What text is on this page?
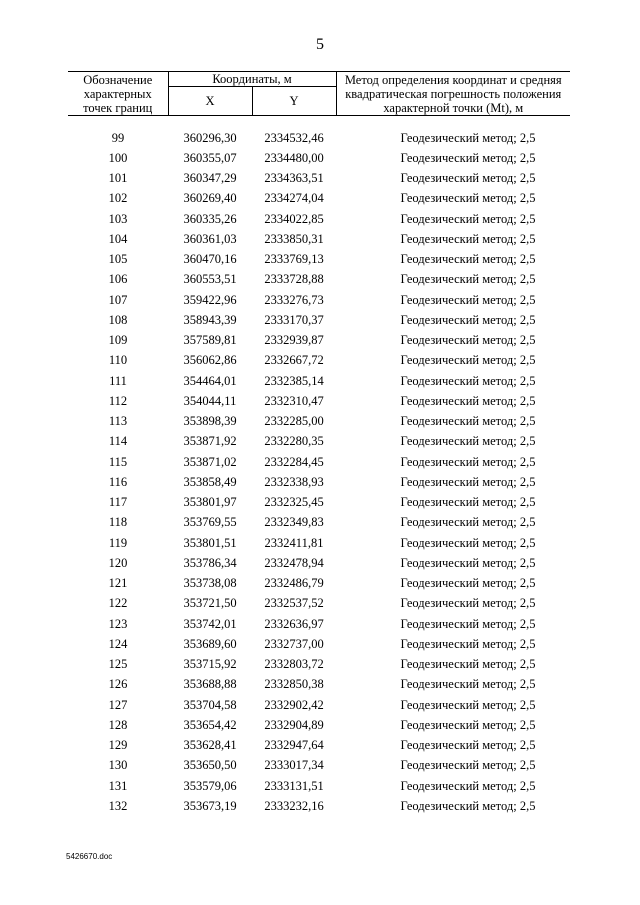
5
Обозначение характерных точек границ	Координаты, м		Метод определения координат и средняя квадратическая погрешность положения характерной точки (Mt), м
	X	Y	

99	360296,30	2334532,46	Геодезический метод; 2,5
100	360355,07	2334480,00	Геодезический метод; 2,5
101	360347,29	2334363,51	Геодезический метод; 2,5
102	360269,40	2334274,04	Геодезический метод; 2,5
103	360335,26	2334022,85	Геодезический метод; 2,5
104	360361,03	2333850,31	Геодезический метод; 2,5
105	360470,16	2333769,13	Геодезический метод; 2,5
106	360553,51	2333728,88	Геодезический метод; 2,5
107	359422,96	2333276,73	Геодезический метод; 2,5
108	358943,39	2333170,37	Геодезический метод; 2,5
109	357589,81	2332939,87	Геодезический метод; 2,5
110	356062,86	2332667,72	Геодезический метод; 2,5
111	354464,01	2332385,14	Геодезический метод; 2,5
112	354044,11	2332310,47	Геодезический метод; 2,5
113	353898,39	2332285,00	Геодезический метод; 2,5
114	353871,92	2332280,35	Геодезический метод; 2,5
115	353871,02	2332284,45	Геодезический метод; 2,5
116	353858,49	2332338,93	Геодезический метод; 2,5
117	353801,97	2332325,45	Геодезический метод; 2,5
118	353769,55	2332349,83	Геодезический метод; 2,5
119	353801,51	2332411,81	Геодезический метод; 2,5
120	353786,34	2332478,94	Геодезический метод; 2,5
121	353738,08	2332486,79	Геодезический метод; 2,5
122	353721,50	2332537,52	Геодезический метод; 2,5
123	353742,01	2332636,97	Геодезический метод; 2,5
124	353689,60	2332737,00	Геодезический метод; 2,5
125	353715,92	2332803,72	Геодезический метод; 2,5
126	353688,88	2332850,38	Геодезический метод; 2,5
127	353704,58	2332902,42	Геодезический метод; 2,5
128	353654,42	2332904,89	Геодезический метод; 2,5
129	353628,41	2332947,64	Геодезический метод; 2,5
130	353650,50	2333017,34	Геодезический метод; 2,5
131	353579,06	2333131,51	Геодезический метод; 2,5
132	353673,19	2333232,16	Геодезический метод; 2,5
5426670.doc
